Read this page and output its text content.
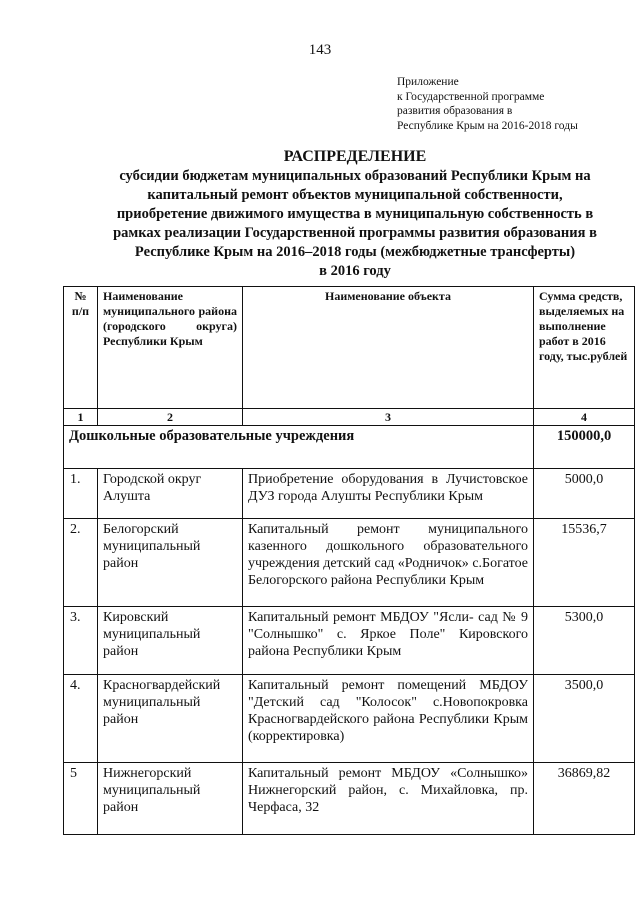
143
Приложение
к Государственной программе
развития образования в
Республике Крым на 2016-2018 годы
РАСПРЕДЕЛЕНИЕ
субсидии бюджетам муниципальных образований Республики Крым на
капитальный ремонт объектов муниципальной собственности,
приобретение движимого имущества в муниципальную собственность в
рамках реализации Государственной программы развития образования в
Республике Крым на 2016–2018 годы (межбюджетные трансферты)
в 2016 году
№ п/п	Наименование муниципального района (городского округа) Республики Крым	Наименование объекта	Сумма средств, выделяемых на выполнение работ в 2016 году, тыс.рублей
1	2	3	4
Дошкольные образовательные учреждения			150000,0
1.	Городской округ Алушта	Приобретение оборудования в Лучистовское ДУЗ города Алушты Республики Крым	5000,0
2.	Белогорский муниципальный район	Капитальный ремонт муниципального казенного дошкольного образовательного учреждения детский сад «Родничок» с.Богатое Белогорского района Республики Крым	15536,7
3.	Кировский муниципальный район	Капитальный ремонт МБДОУ "Ясли- сад № 9 "Солнышко" с. Яркое Поле" Кировского района Республики Крым	5300,0
4.	Красногвардейский муниципальный район	Капитальный ремонт помещений МБДОУ "Детский сад "Колосок" с.Новопокровка Красногвардейского района Республики Крым (корректировка)	3500,0
5	Нижнегорский муниципальный район	Капитальный ремонт МБДОУ «Солнышко» Нижнегорский район, с. Михайловка, пр. Черфаса, 32	36869,82
